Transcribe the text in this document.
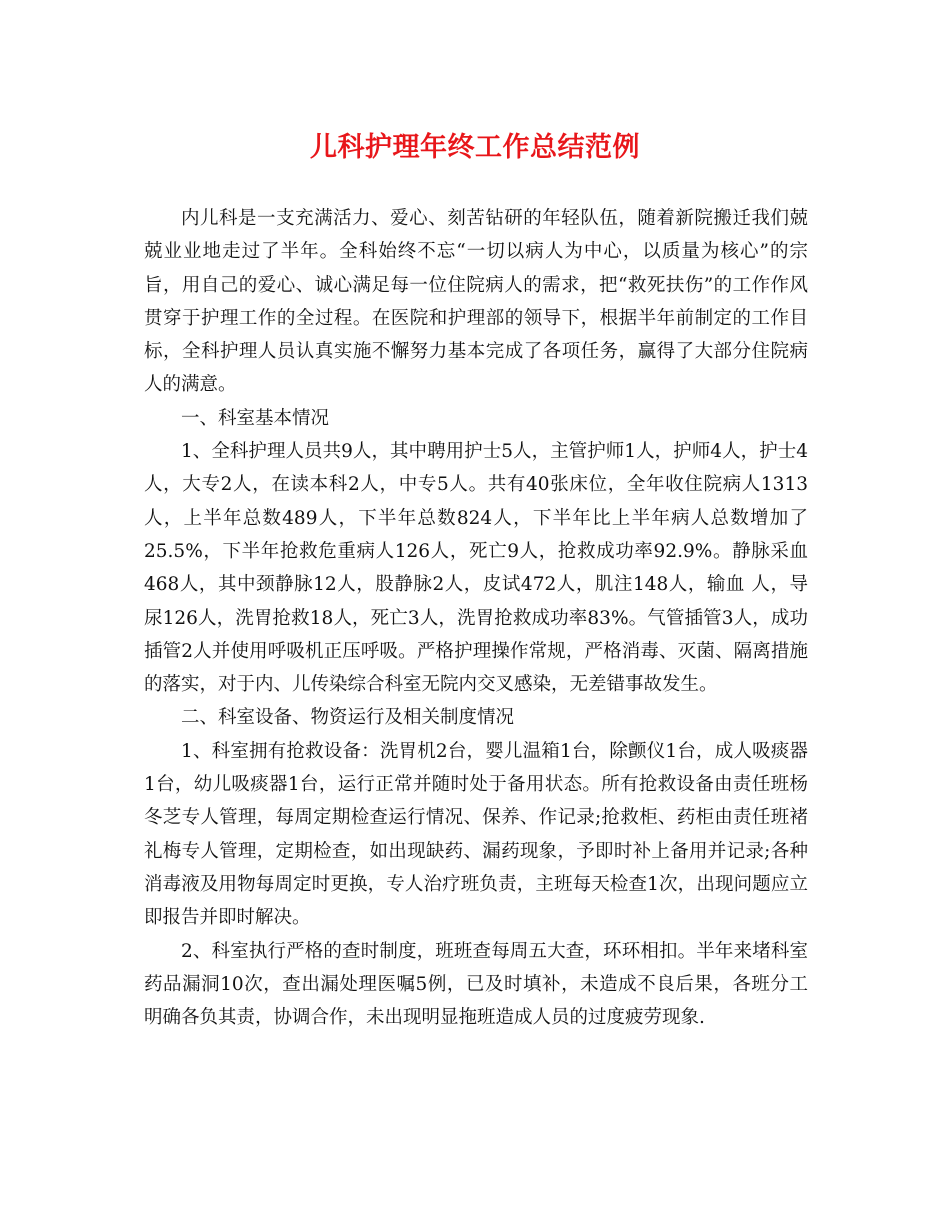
儿科护理年终工作总结范例

内儿科是一支充满活力、爱心、刻苦钻研的年轻队伍，随着新院搬迁我们兢兢业业地走过了半年。全科始终不忘“一切以病人为中心，以质量为核心”的宗旨，用自己的爱心、诚心满足每一位住院病人的需求，把“救死扶伤”的工作作风贯穿于护理工作的全过程。在医院和护理部的领导下，根据半年前制定的工作目标，全科护理人员认真实施不懈努力基本完成了各项任务，赢得了大部分住院病人的满意。

一、科室基本情况

1、全科护理人员共9人，其中聘用护士5人，主管护师1人，护师4人，护士4人，大专2人，在读本科2人，中专5人。共有40张床位，全年收住院病人1313人，上半年总数489人，下半年总数824人，下半年比上半年病人总数增加了25.5%，下半年抢救危重病人126人，死亡9人，抢救成功率92.9%。静脉采血468人，其中颈静脉12人，股静脉2人，皮试472人，肌注148人，输血 人，导尿126人，洗胃抢救18人，死亡3人，洗胃抢救成功率83%。气管插管3人，成功插管2人并使用呼吸机正压呼吸。严格护理操作常规，严格消毒、灭菌、隔离措施的落实，对于内、儿传染综合科室无院内交叉感染，无差错事故发生。

二、科室设备、物资运行及相关制度情况

1、科室拥有抢救设备：洗胃机2台，婴儿温箱1台，除颤仪1台，成人吸痰器1台，幼儿吸痰器1台，运行正常并随时处于备用状态。所有抢救设备由责任班杨冬芝专人管理，每周定期检查运行情况、保养、作记录;抢救柜、药柜由责任班褚礼梅专人管理，定期检查，如出现缺药、漏药现象，予即时补上备用并记录;各种消毒液及用物每周定时更换，专人治疗班负责，主班每天检查1次，出现问题应立即报告并即时解决。

2、科室执行严格的查时制度，班班查每周五大查，环环相扣。半年来堵科室药品漏洞10次，查出漏处理医嘱5例，已及时填补，未造成不良后果，各班分工明确各负其责，协调合作，未出现明显拖班造成人员的过度疲劳现象.
